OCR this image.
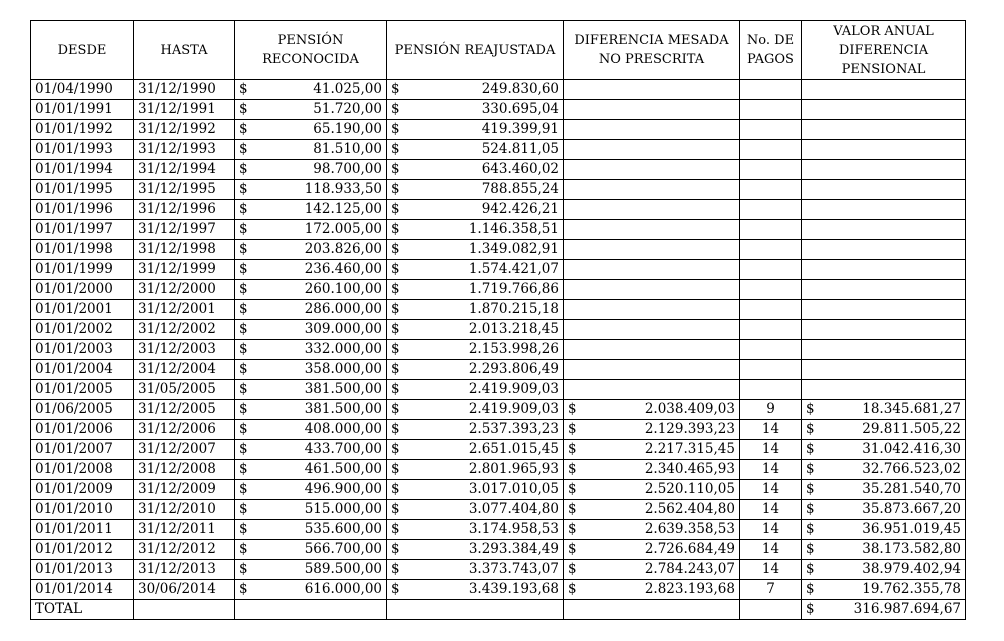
DESDE	HASTA	PENSIÓN RECONOCIDA	PENSIÓN REAJUSTADA	DIFERENCIA MESADA NO PRESCRITA	No. DE PAGOS	VALOR ANUAL DIFERENCIA PENSIONAL
01/04/1990	31/12/1990	$ 41.025,00	$ 249.830,60			

01/01/1991	31/12/1991	$ 51.720,00	$ 330.695,04			

01/01/1992	31/12/1992	$ 65.190,00	$ 419.399,91			

01/01/1993	31/12/1993	$ 81.510,00	$ 524.811,05			

01/01/1994	31/12/1994	$ 98.700,00	$ 643.460,02			

01/01/1995	31/12/1995	$ 118.933,50	$ 788.855,24			

01/01/1996	31/12/1996	$ 142.125,00	$ 942.426,21			

01/01/1997	31/12/1997	$ 172.005,00	$ 1.146.358,51			

01/01/1998	31/12/1998	$ 203.826,00	$ 1.349.082,91			

01/01/1999	31/12/1999	$ 236.460,00	$ 1.574.421,07			

01/01/2000	31/12/2000	$ 260.100,00	$ 1.719.766,86			

01/01/2001	31/12/2001	$ 286.000,00	$ 1.870.215,18			

01/01/2002	31/12/2002	$ 309.000,00	$ 2.013.218,45			

01/01/2003	31/12/2003	$ 332.000,00	$ 2.153.998,26			

01/01/2004	31/12/2004	$ 358.000,00	$ 2.293.806,49			

01/01/2005	31/05/2005	$ 381.500,00	$ 2.419.909,03			

01/06/2005	31/12/2005	$ 381.500,00	$ 2.419.909,03	$ 2.038.409,03	9	$ 18.345.681,27

01/01/2006	31/12/2006	$ 408.000,00	$ 2.537.393,23	$ 2.129.393,23	14	$ 29.811.505,22

01/01/2007	31/12/2007	$ 433.700,00	$ 2.651.015,45	$ 2.217.315,45	14	$ 31.042.416,30

01/01/2008	31/12/2008	$ 461.500,00	$ 2.801.965,93	$ 2.340.465,93	14	$ 32.766.523,02

01/01/2009	31/12/2009	$ 496.900,00	$ 3.017.010,05	$ 2.520.110,05	14	$ 35.281.540,70

01/01/2010	31/12/2010	$ 515.000,00	$ 3.077.404,80	$ 2.562.404,80	14	$ 35.873.667,20

01/01/2011	31/12/2011	$ 535.600,00	$ 3.174.958,53	$ 2.639.358,53	14	$ 36.951.019,45

01/01/2012	31/12/2012	$ 566.700,00	$ 3.293.384,49	$ 2.726.684,49	14	$ 38.173.582,80

01/01/2013	31/12/2013	$ 589.500,00	$ 3.373.743,07	$ 2.784.243,07	14	$ 38.979.402,94

01/01/2014	30/06/2014	$ 616.000,00	$ 3.439.193,68	$ 2.823.193,68	7	$ 19.762.355,78

TOTAL						$ 316.987.694,67
